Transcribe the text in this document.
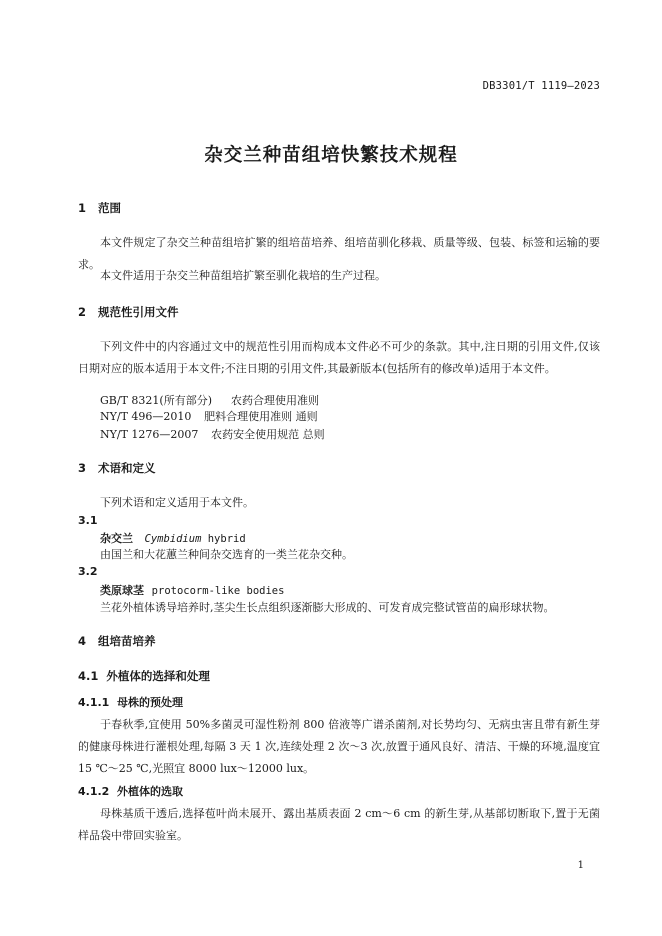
DB3301/T 1119—2023
杂交兰种苗组培快繁技术规程
1 范围
本文件规定了杂交兰种苗组培扩繁的组培苗培养、组培苗驯化移栽、质量等级、包装、标签和运输的要求。
本文件适用于杂交兰种苗组培扩繁至驯化栽培的生产过程。
2 规范性引用文件
下列文件中的内容通过文中的规范性引用而构成本文件必不可少的条款。其中,注日期的引用文件,仅该日期对应的版本适用于本文件;不注日期的引用文件,其最新版本(包括所有的修改单)适用于本文件。
GB/T 8321(所有部分) 农药合理使用准则
NY/T 496—2010 肥料合理使用准则 通则
NY/T 1276—2007 农药安全使用规范 总则
3 术语和定义
下列术语和定义适用于本文件。
3.1
杂交兰 Cymbidium hybrid
由国兰和大花蕙兰种间杂交选育的一类兰花杂交种。
3.2
类原球茎 protocorm-like bodies
兰花外植体诱导培养时,茎尖生长点组织逐渐膨大形成的、可发育成完整试管苗的扁形球状物。
4 组培苗培养
4.1 外植体的选择和处理
4.1.1 母株的预处理
于春秋季,宜使用 50%多菌灵可湿性粉剂 800 倍液等广谱杀菌剂,对长势均匀、无病虫害且带有新生芽的健康母株进行灌根处理,每隔 3 天 1 次,连续处理 2 次～3 次,放置于通风良好、清洁、干燥的环境,温度宜 15 ℃～25 ℃,光照宜 8000 lux～12000 lux。
4.1.2 外植体的选取
母株基质干透后,选择苞叶尚未展开、露出基质表面 2 cm～6 cm 的新生芽,从基部切断取下,置于无菌样品袋中带回实验室。
1
